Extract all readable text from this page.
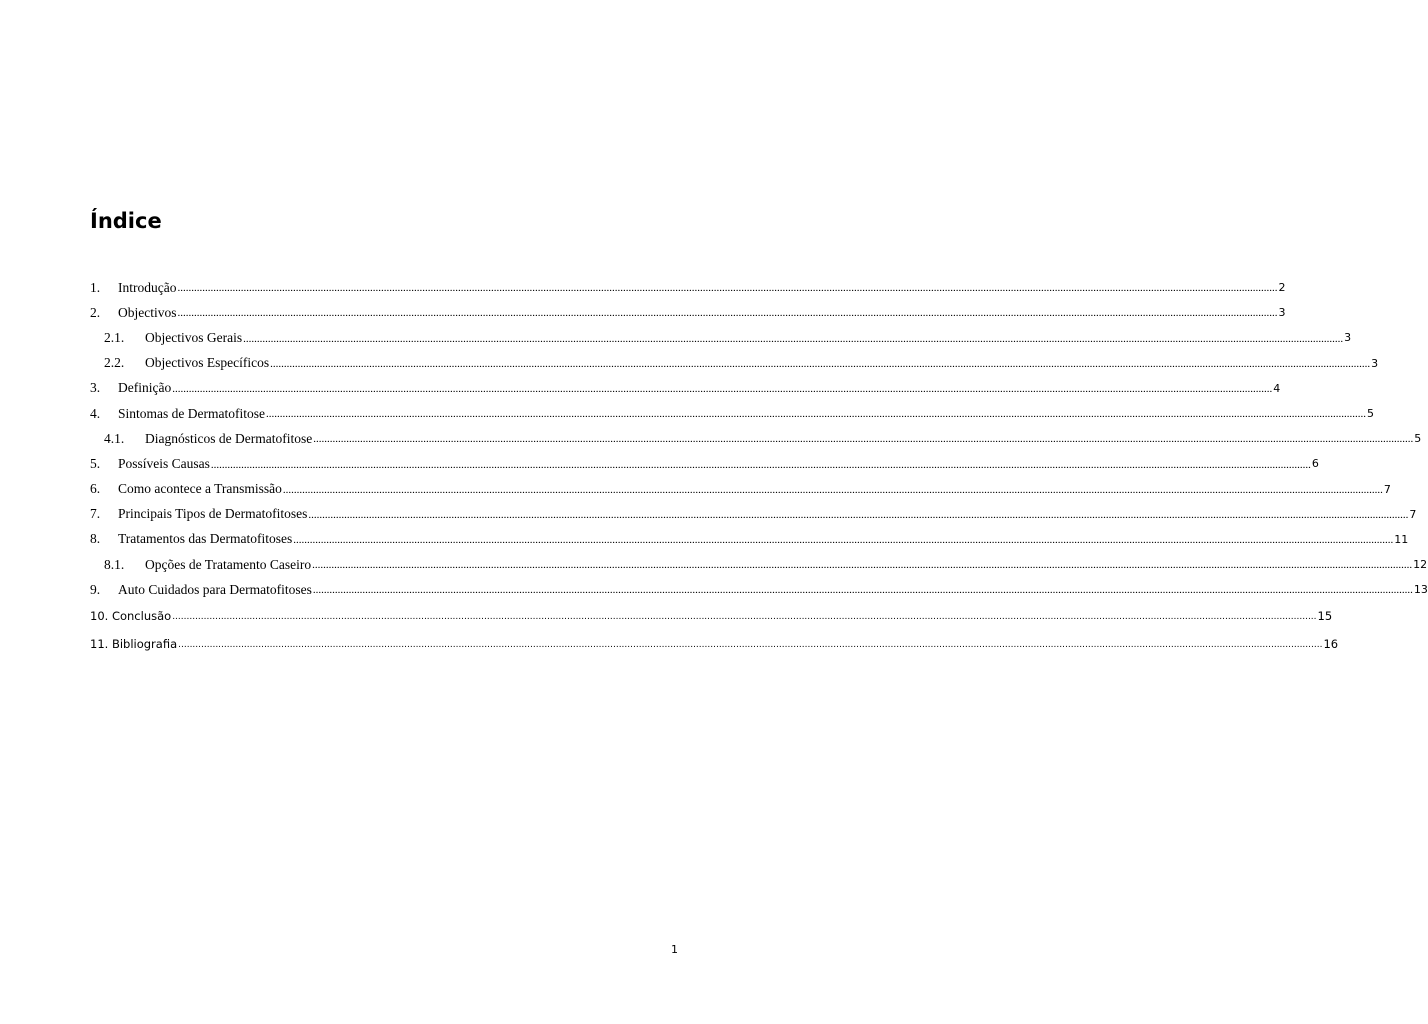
Índice
1.	Introdução ................................................................................................................................................................................................................................................................................................................................................................................................................ 2
2.	Objectivos ................................................................................................................................................................................................................................................................................................................................................................................................................ 3
2.1.	Objectivos Gerais ................................................................................................................................................................................................................................................................................................................................................................................................................ 3
2.2.	Objectivos Específicos ................................................................................................................................................................................................................................................................................................................................................................................................................ 3
3.	Definição ................................................................................................................................................................................................................................................................................................................................................................................................................ 4
4.	Sintomas de Dermatofitose ................................................................................................................................................................................................................................................................................................................................................................................................................ 5
4.1.	Diagnósticos de Dermatofitose ................................................................................................................................................................................................................................................................................................................................................................................................................ 5
5.	Possíveis Causas ................................................................................................................................................................................................................................................................................................................................................................................................................ 6
6.	Como acontece a Transmissão ................................................................................................................................................................................................................................................................................................................................................................................................................ 7
7.	Principais Tipos de Dermatofitoses ................................................................................................................................................................................................................................................................................................................................................................................................................ 7
8.	Tratamentos das Dermatofitoses ................................................................................................................................................................................................................................................................................................................................................................................................................ 11
8.1.	Opções de Tratamento Caseiro ................................................................................................................................................................................................................................................................................................................................................................................................................ 12
9.	Auto Cuidados para Dermatofitoses ................................................................................................................................................................................................................................................................................................................................................................................................................ 13
10. Conclusão ................................................................................................................................................................................................................................................................................................................................................................................................................ 15
11. Bibliografia ................................................................................................................................................................................................................................................................................................................................................................................................................ 16
1
